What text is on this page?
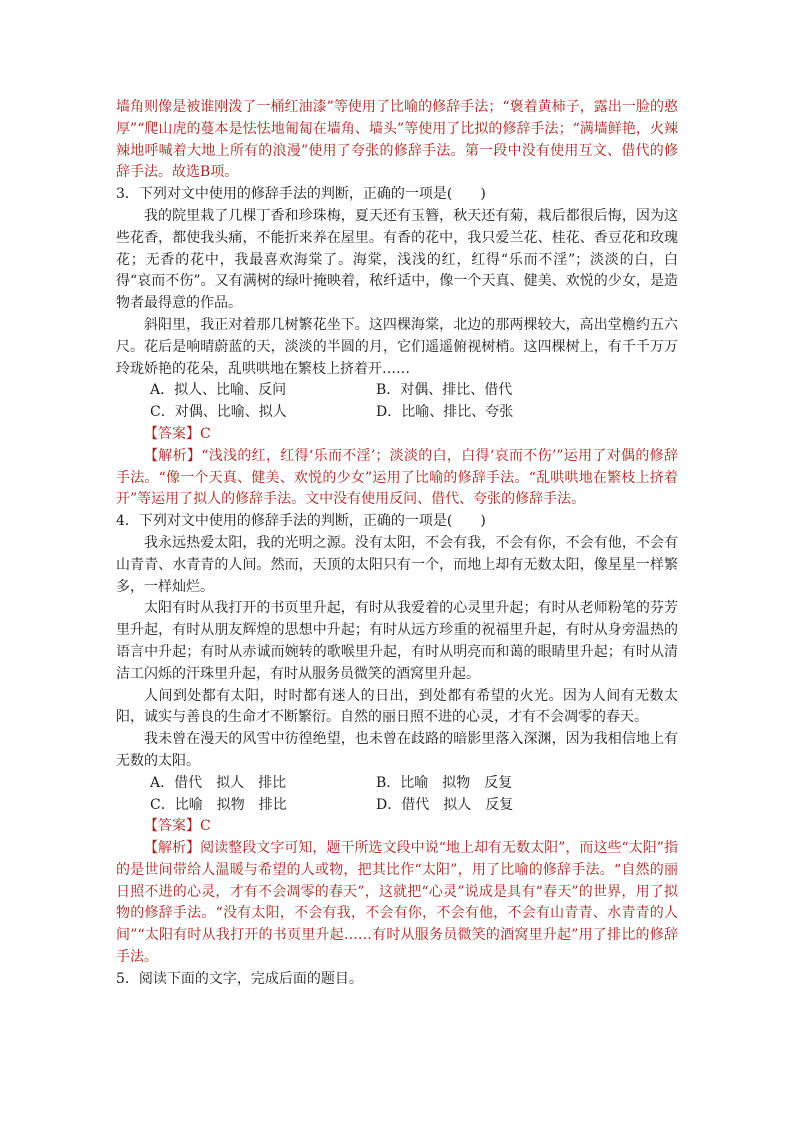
墙角则像是被谁刚泼了一桶红油漆”等使用了比喻的修辞手法；“褒着黄柿子，露出一脸的憨厚”“爬山虎的蔓本是怯怯地匍匐在墙角、墙头”等使用了比拟的修辞手法；“满墙鲜艳，火辣辣地呼喊着大地上所有的浪漫”使用了夸张的修辞手法。第一段中没有使用互文、借代的修辞手法。故选B项。

3．下列对文中使用的修辞手法的判断，正确的一项是(　　)

我的院里栽了几棵丁香和珍珠梅，夏天还有玉簪，秋天还有菊，栽后都很后悔，因为这些花香，都使我头痛，不能折来养在屋里。有香的花中，我只爱兰花、桂花、香豆花和玫瑰花；无香的花中，我最喜欢海棠了。海棠，浅浅的红，红得“乐而不淫”；淡淡的白，白得“哀而不伤”。又有满树的绿叶掩映着，秾纤适中，像一个天真、健美、欢悦的少女，是造物者最得意的作品。

斜阳里，我正对着那几树繁花坐下。这四棵海棠，北边的那两棵较大，高出堂檐约五六尺。花后是响晴蔚蓝的天，淡淡的半圆的月，它们遥遥俯视树梢。这四棵树上，有千千万万玲珑娇艳的花朵，乱哄哄地在繁枝上挤着开……

A．拟人、比喻、反问	B．对偶、排比、借代

C．对偶、比喻、拟人	D．比喻、排比、夸张

【答案】C

【解析】“浅浅的红，红得‘乐而不淫’；淡淡的白，白得‘哀而不伤’”运用了对偶的修辞手法。“像一个天真、健美、欢悦的少女”运用了比喻的修辞手法。“乱哄哄地在繁枝上挤着开”等运用了拟人的修辞手法。文中没有使用反问、借代、夸张的修辞手法。

4．下列对文中使用的修辞手法的判断，正确的一项是(　　)

我永远热爱太阳，我的光明之源。没有太阳，不会有我，不会有你，不会有他，不会有山青青、水青青的人间。然而，天顶的太阳只有一个，而地上却有无数太阳，像星星一样繁多，一样灿烂。

太阳有时从我打开的书页里升起，有时从我爱着的心灵里升起；有时从老师粉笔的芬芳里升起，有时从朋友辉煌的思想中升起；有时从远方珍重的祝福里升起，有时从身旁温热的语言中升起；有时从赤诚而婉转的歌喉里升起，有时从明亮而和蔼的眼睛里升起；有时从清洁工闪烁的汗珠里升起，有时从服务员微笑的酒窝里升起。

人间到处都有太阳，时时都有迷人的日出，到处都有希望的火光。因为人间有无数太阳，诚实与善良的生命才不断繁衍。自然的丽日照不进的心灵，才有不会凋零的春天。

我未曾在漫天的风雪中彷徨绝望，也未曾在歧路的暗影里落入深渊，因为我相信地上有无数的太阳。

A．借代　拟人　排比	B．比喻　拟物　反复

C．比喻　拟物　排比	D．借代　拟人　反复

【答案】C

【解析】阅读整段文字可知，题干所选文段中说“地上却有无数太阳”，而这些“太阳”指的是世间带给人温暖与希望的人或物，把其比作“太阳”，用了比喻的修辞手法。“自然的丽日照不进的心灵，才有不会凋零的春天”，这就把“心灵”说成是具有“春天”的世界，用了拟物的修辞手法。“没有太阳，不会有我，不会有你，不会有他，不会有山青青、水青青的人间”“太阳有时从我打开的书页里升起……有时从服务员微笑的酒窝里升起”用了排比的修辞手法。

5．阅读下面的文字，完成后面的题目。
